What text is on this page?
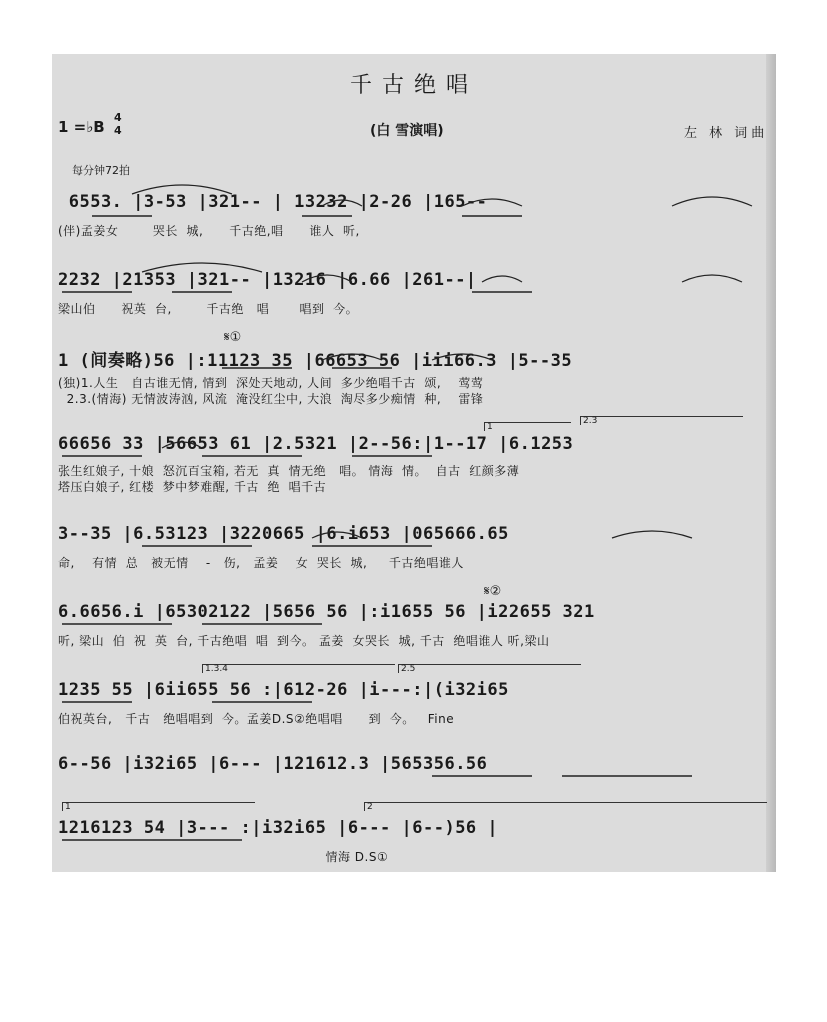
千古绝唱
1 =♭B
4
4	(白 雪演唱)	左 林 词曲
每分钟72拍
6553. |3-53 |321-- | 13232 |2-26 |165--
(伴)孟姜女        哭长  城,      千古绝,唱      谁人  听,
2232 |21353 |321-- |13216 |6.66 |261--|
梁山伯      祝英  台,        千古绝   唱       唱到  今。
𝄋①
1 (间奏略)56 |:11123 35 |66653 56 |iii66.3 |5--35
(独)1.人生   自古谁无情, 情到  深处天地动, 人间  多少绝唱千古  颂,    莺莺
2.3.(情海) 无情波涛汹, 风流  淹没红尘中, 大浪  淘尽多少痴情  种,    雷锋
1
2.3
66656 33 |56653 61 |2.5321 |2--56:|1--17 |6.1253
张生红娘子, 十娘  怒沉百宝箱, 若无  真  情无绝   唱。 情海  情。  自古  红颜多薄
塔压白娘子, 红楼  梦中梦难醒, 千古  绝  唱千古
3--35 |6.53123 |3220665 |6.i653 |065666.65
命,    有情  总   被无情    -   伤,   孟姜    女  哭长  城,     千古绝唱谁人
𝄋②
6.6656.i |65302122 |5656 56 |:i1655 56 |i22655 321
听, 梁山  伯  祝  英  台, 千古绝唱  唱  到今。 孟姜  女哭长  城, 千古  绝唱谁人 听,梁山
1.3.4	2.5
1235 55 |6ii655 56 :|612-26 |i---:|(i32i65
伯祝英台,   千古   绝唱唱到  今。孟姜D.S②绝唱唱      到  今。   Fine
6--56 |i32i65 |6--- |121612.3 |565356.56
1	2
1216123 54 |3--- :|i32i65 |6--- |6--)56 |
情海 D.S①
